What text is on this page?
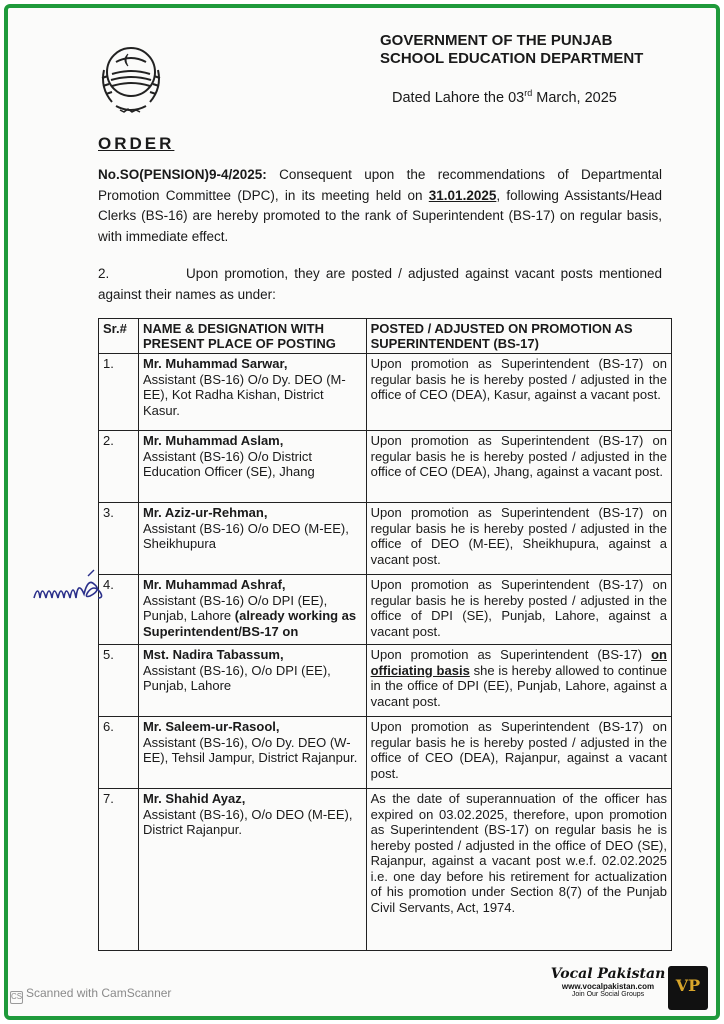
GOVERNMENT OF THE PUNJAB
SCHOOL EDUCATION DEPARTMENT
Dated Lahore the 03rd March, 2025
ORDER
No.SO(PENSION)9-4/2025: Consequent upon the recommendations of Departmental Promotion Committee (DPC), in its meeting held on 31.01.2025, following Assistants/Head Clerks (BS-16) are hereby promoted to the rank of Superintendent (BS-17) on regular basis, with immediate effect.
2.	Upon promotion, they are posted / adjusted against vacant posts mentioned against their names as under:
Sr.#	NAME & DESIGNATION WITH PRESENT PLACE OF POSTING	POSTED / ADJUSTED ON PROMOTION AS SUPERINTENDENT (BS-17)
1.	Mr. Muhammad Sarwar,
Assistant (BS-16) O/o Dy. DEO (M-EE), Kot Radha Kishan, District Kasur.	Upon promotion as Superintendent (BS-17) on regular basis he is hereby posted / adjusted in the office of CEO (DEA), Kasur, against a vacant post.
2.	Mr. Muhammad Aslam,
Assistant (BS-16) O/o District Education Officer (SE), Jhang	Upon promotion as Superintendent (BS-17) on regular basis he is hereby posted / adjusted in the office of CEO (DEA), Jhang, against a vacant post.
3.	Mr. Aziz-ur-Rehman,
Assistant (BS-16) O/o DEO (M-EE), Sheikhupura	Upon promotion as Superintendent (BS-17) on regular basis he is hereby posted / adjusted in the office of DEO (M-EE), Sheikhupura, against a vacant post.
4.	Mr. Muhammad Ashraf,
Assistant (BS-16) O/o DPI (EE), Punjab, Lahore (already working as Superintendent/BS-17 on	Upon promotion as Superintendent (BS-17) on regular basis he is hereby posted / adjusted in the office of DPI (SE), Punjab, Lahore, against a vacant post.
5.	Mst. Nadira Tabassum,
Assistant (BS-16), O/o DPI (EE), Punjab, Lahore	Upon promotion as Superintendent (BS-17) on officiating basis she is hereby allowed to continue in the office of DPI (EE), Punjab, Lahore, against a vacant post.
6.	Mr. Saleem-ur-Rasool,
Assistant (BS-16), O/o Dy. DEO (W-EE), Tehsil Jampur, District Rajanpur.	Upon promotion as Superintendent (BS-17) on regular basis he is hereby posted / adjusted in the office of CEO (DEA), Rajanpur, against a vacant post.
7.	Mr. Shahid Ayaz,
Assistant (BS-16), O/o DEO (M-EE), District Rajanpur.	As the date of superannuation of the officer has expired on 03.02.2025, therefore, upon promotion as Superintendent (BS-17) on regular basis he is hereby posted / adjusted in the office of DEO (SE), Rajanpur, against a vacant post w.e.f. 02.02.2025 i.e. one day before his retirement for actualization of his promotion under Section 8(7) of the Punjab Civil Servants, Act, 1974.
CS Scanned with CamScanner
Vocal Pakistan
www.vocalpakistan.com
Join Our Social Groups	VP
